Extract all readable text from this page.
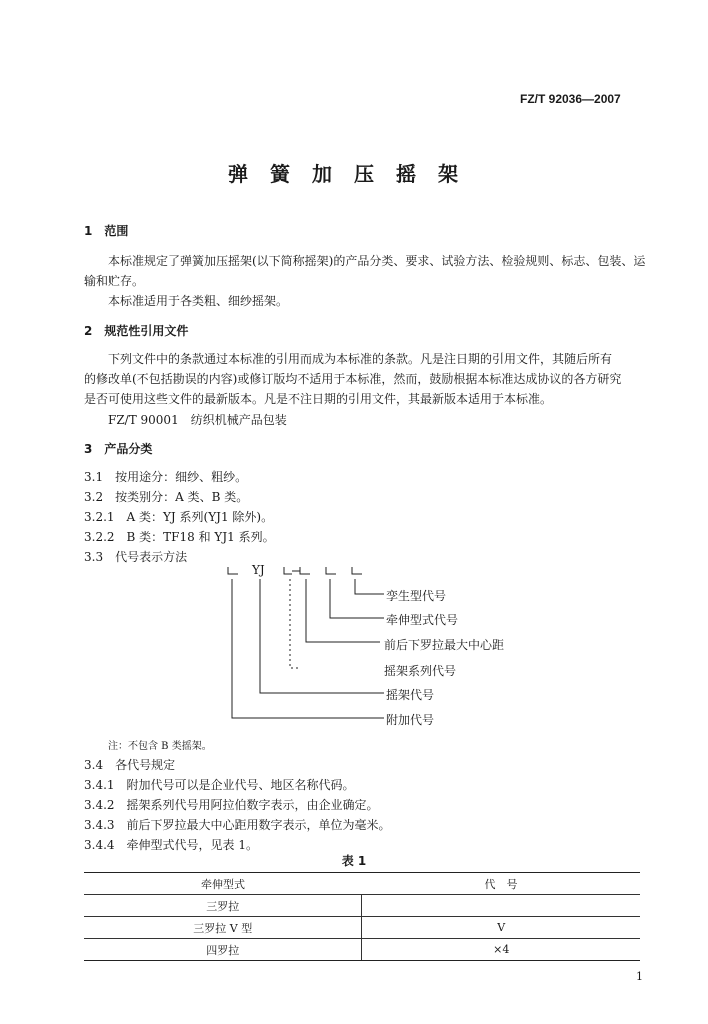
FZ/T 92036—2007
弹簧加压摇架
1　范围
本标准规定了弹簧加压摇架(以下简称摇架)的产品分类、要求、试验方法、检验规则、标志、包装、运
输和贮存。
本标准适用于各类粗、细纱摇架。
2　规范性引用文件
下列文件中的条款通过本标准的引用而成为本标准的条款。凡是注日期的引用文件，其随后所有
的修改单(不包括勘误的内容)或修订版均不适用于本标准，然而，鼓励根据本标准达成协议的各方研究
是否可使用这些文件的最新版本。凡是不注日期的引用文件，其最新版本适用于本标准。
FZ/T 90001　纺织机械产品包装
3　产品分类
3.1　按用途分：细纱、粗纱。
3.2　按类别分：A 类、B 类。
3.2.1　A 类：YJ 系列(YJ1 除外)。
3.2.2　B 类：TF18 和 YJ1 系列。
3.3　代号表示方法
YJ
孪生型代号
牵伸型式代号
前后下罗拉最大中心距
摇架系列代号
摇架代号
附加代号
注：不包含 B 类摇架。
3.4　各代号规定
3.4.1　附加代号可以是企业代号、地区名称代码。
3.4.2　摇架系列代号用阿拉伯数字表示，由企业确定。
3.4.3　前后下罗拉最大中心距用数字表示，单位为毫米。
3.4.4　牵伸型式代号，见表 1。
表 1
牵伸型式	代　号
三罗拉	
三罗拉 V 型	V
四罗拉	×4
1
